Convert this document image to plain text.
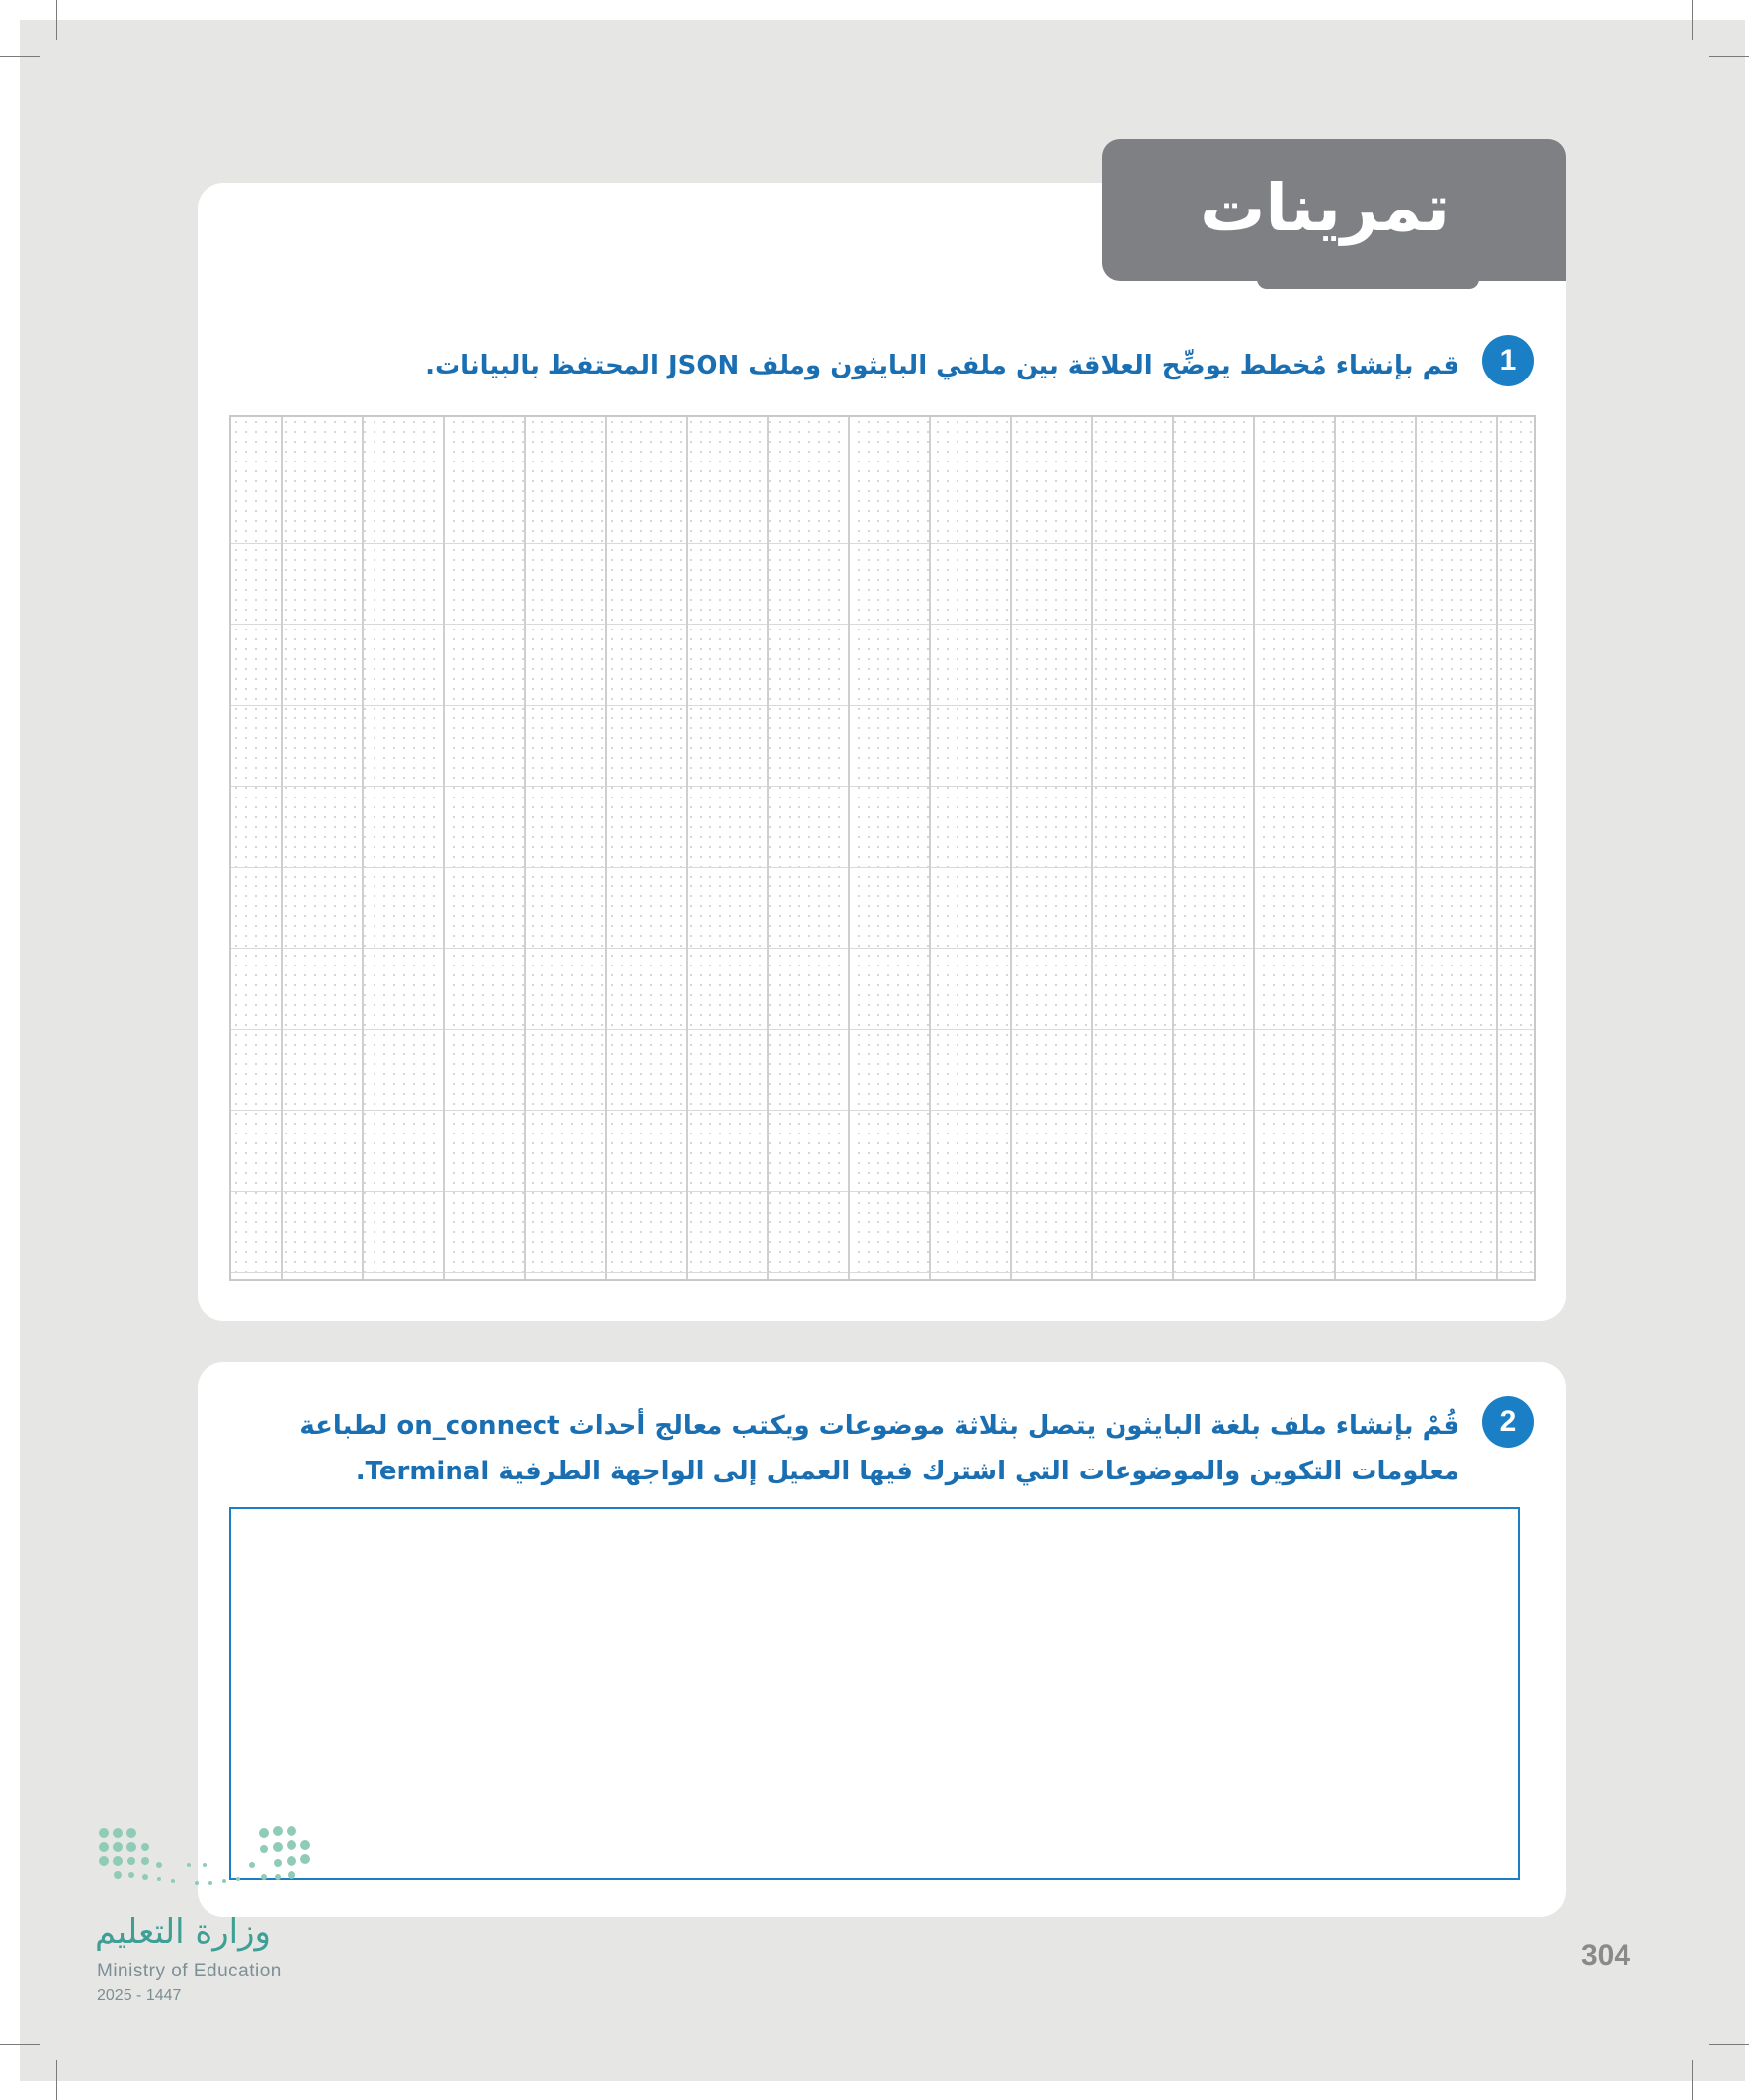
تمرينات
1
قم بإنشاء مُخطط يوضِّح العلاقة بين ملفي البايثون وملف JSON المحتفظ بالبيانات.
2
قُمْ بإنشاء ملف بلغة البايثون يتصل بثلاثة موضوعات ويكتب معالج أحداث on_connect لطباعة معلومات التكوين والموضوعات التي اشترك فيها العميل إلى الواجهة الطرفية Terminal.
وزارة التعليم
Ministry of Education
2025 - 1447
304
